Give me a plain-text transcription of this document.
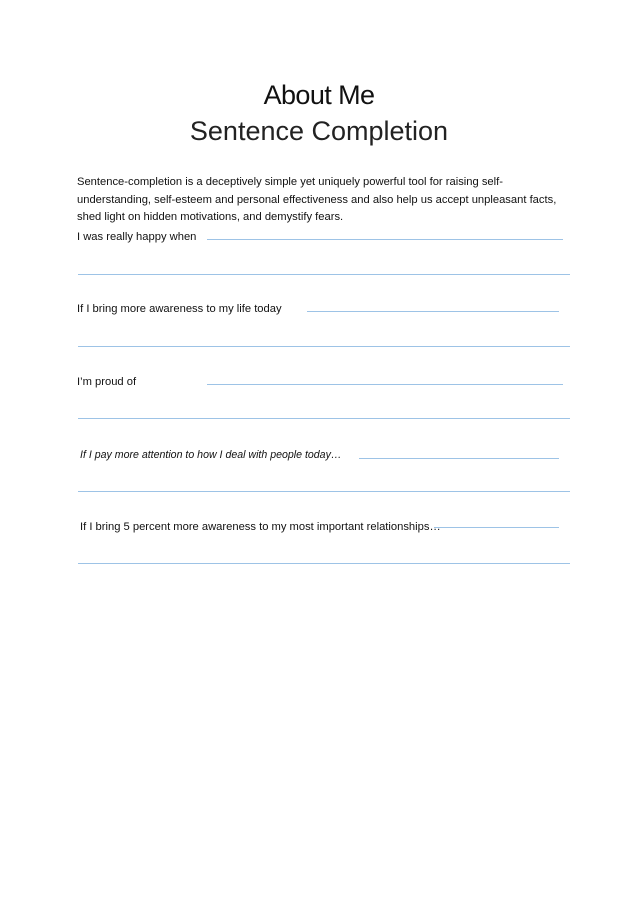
About Me
Sentence Completion
Sentence-completion is a deceptively simple yet uniquely powerful tool for raising self-understanding, self-esteem and personal effectiveness and also help us accept unpleasant facts, shed light on hidden motivations, and demystify fears.
I was really happy when
If I bring more awareness to my life today
I’m proud of
If I pay more attention to how I deal with people today…
If I bring 5 percent more awareness to my most important relationships…
